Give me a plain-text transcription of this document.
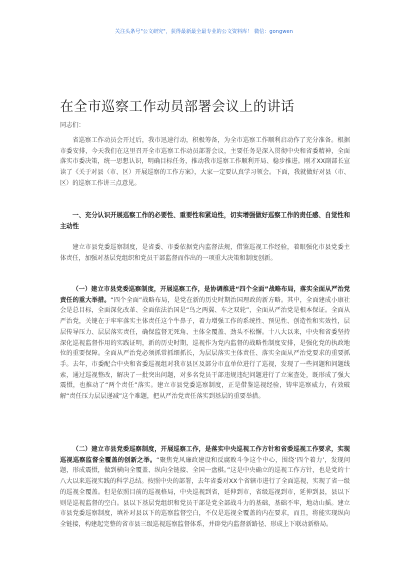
关注头条号"公文研究"，获得最新最全最专业的公文资料库！ 微信：gongwen
在全市巡察工作动员部署会议上的讲话

同志们：

省巡察工作动员会开过后，我市迅速行动，积极筹备，为全市巡察工作顺利启动作了充分准备。根据市委安排，今天我们在这里召开全市巡察工作动员部署会议，主要任务是深入贯彻中央和省委精神，全面落实市委决策，统一思想认识，明确目标任务，推动我市巡察工作顺利开局、稳步推进。刚才XX副部长宣读了《关于对县（市、区）开展巡察的工作方案》，大家一定要认真学习领会。下面，我就做好对县（市、区）的巡察工作讲三点意见。

一、充分认识开展巡察工作的必要性、重要性和紧迫性，切实增强做好巡察工作的责任感、自觉性和主动性

建立市县党委巡察制度，是省委、市委依据党内监督法规，借鉴巡视工作经验，着眼强化市县党委主体责任，加强对基层党组织和党员干部监督而作出的一项重大决策和制度创新。

（一）建立市县党委巡察制度，开展巡察工作，是协调推进“四个全面”战略布局，落实全面从严治党责任的重大举措。“四个全面”战略布局，是党在新的历史时期治国理政的新方略。其中，全面建成小康社会是总目标，全面深化改革、全面依法治国是“鸟之两翼、车之双轮”，全面从严治党是根本保证。全面从严治党，关键在于牢牢落实主体责任这个牛鼻子，着力增强工作的系统性、预见性、创造性和实效性，层层传导压力、层层落实责任，确保监督无死角、主体全覆盖、劲头不松懈。十八大以来，中央和省委坚持深化巡视监督作用的实践证明，新的历史时期，巡视作为党内监督的战略性制度安排，是强化党的执政地位的重要保障。全面从严治党必须抓常抓细抓长，为层层落实主体责任、落实全面从严治党要求的重要抓手。去年，市委配合中央和省委巡视组对我市县区及部分市直单位进行了巡视，发现了一些问题和问题线索，通过巡视整改，解决了一批突出问题，对多名党员干部违规违纪问题进行了立案查处，既形成了强大震慑，也推动了“两个责任”落实。建立市县党委巡察制度，正是借鉴巡视经验，铸牢巡察威力，有效破解“责任压力层层递减”这个难题，把从严治党责任落实到基层的重要举措。

（二）建立市县党委巡察制度，开展巡察工作，是落实中央巡视工作方针和省委巡视工作要求，实现巡视巡察监督全覆盖的创新之举。“聚焦党风廉政建设和反腐败斗争这个中心，围绕‘四个着力’，发现问题，形成震慑，做到横向全覆盖、纵向全链接、全国一盘棋。”这是中央确立的巡视工作方针，也是党的十八大以来巡视实践的科学总结。按照中央的部署，去年省委对XX个省辖市进行了全面巡视，实现了省一级的巡视全覆盖。但是依照目前的巡视格局，中央巡视到省，延伸到市，省级巡视到市，延伸到县，县以下则是巡视监督的空白。县以下基层党组织和党员干部是党全部战斗力的基础，基础不牢，地动山摇。建立市县党委巡察制度，填补对县以下的巡察监督空白，不仅是巡视全覆盖的内在要求，而且，将能实现纵向全链接，构建起完整的省市县三级巡视巡察监督体系，并辟党内监督新路径、形成上下联动新格局。
